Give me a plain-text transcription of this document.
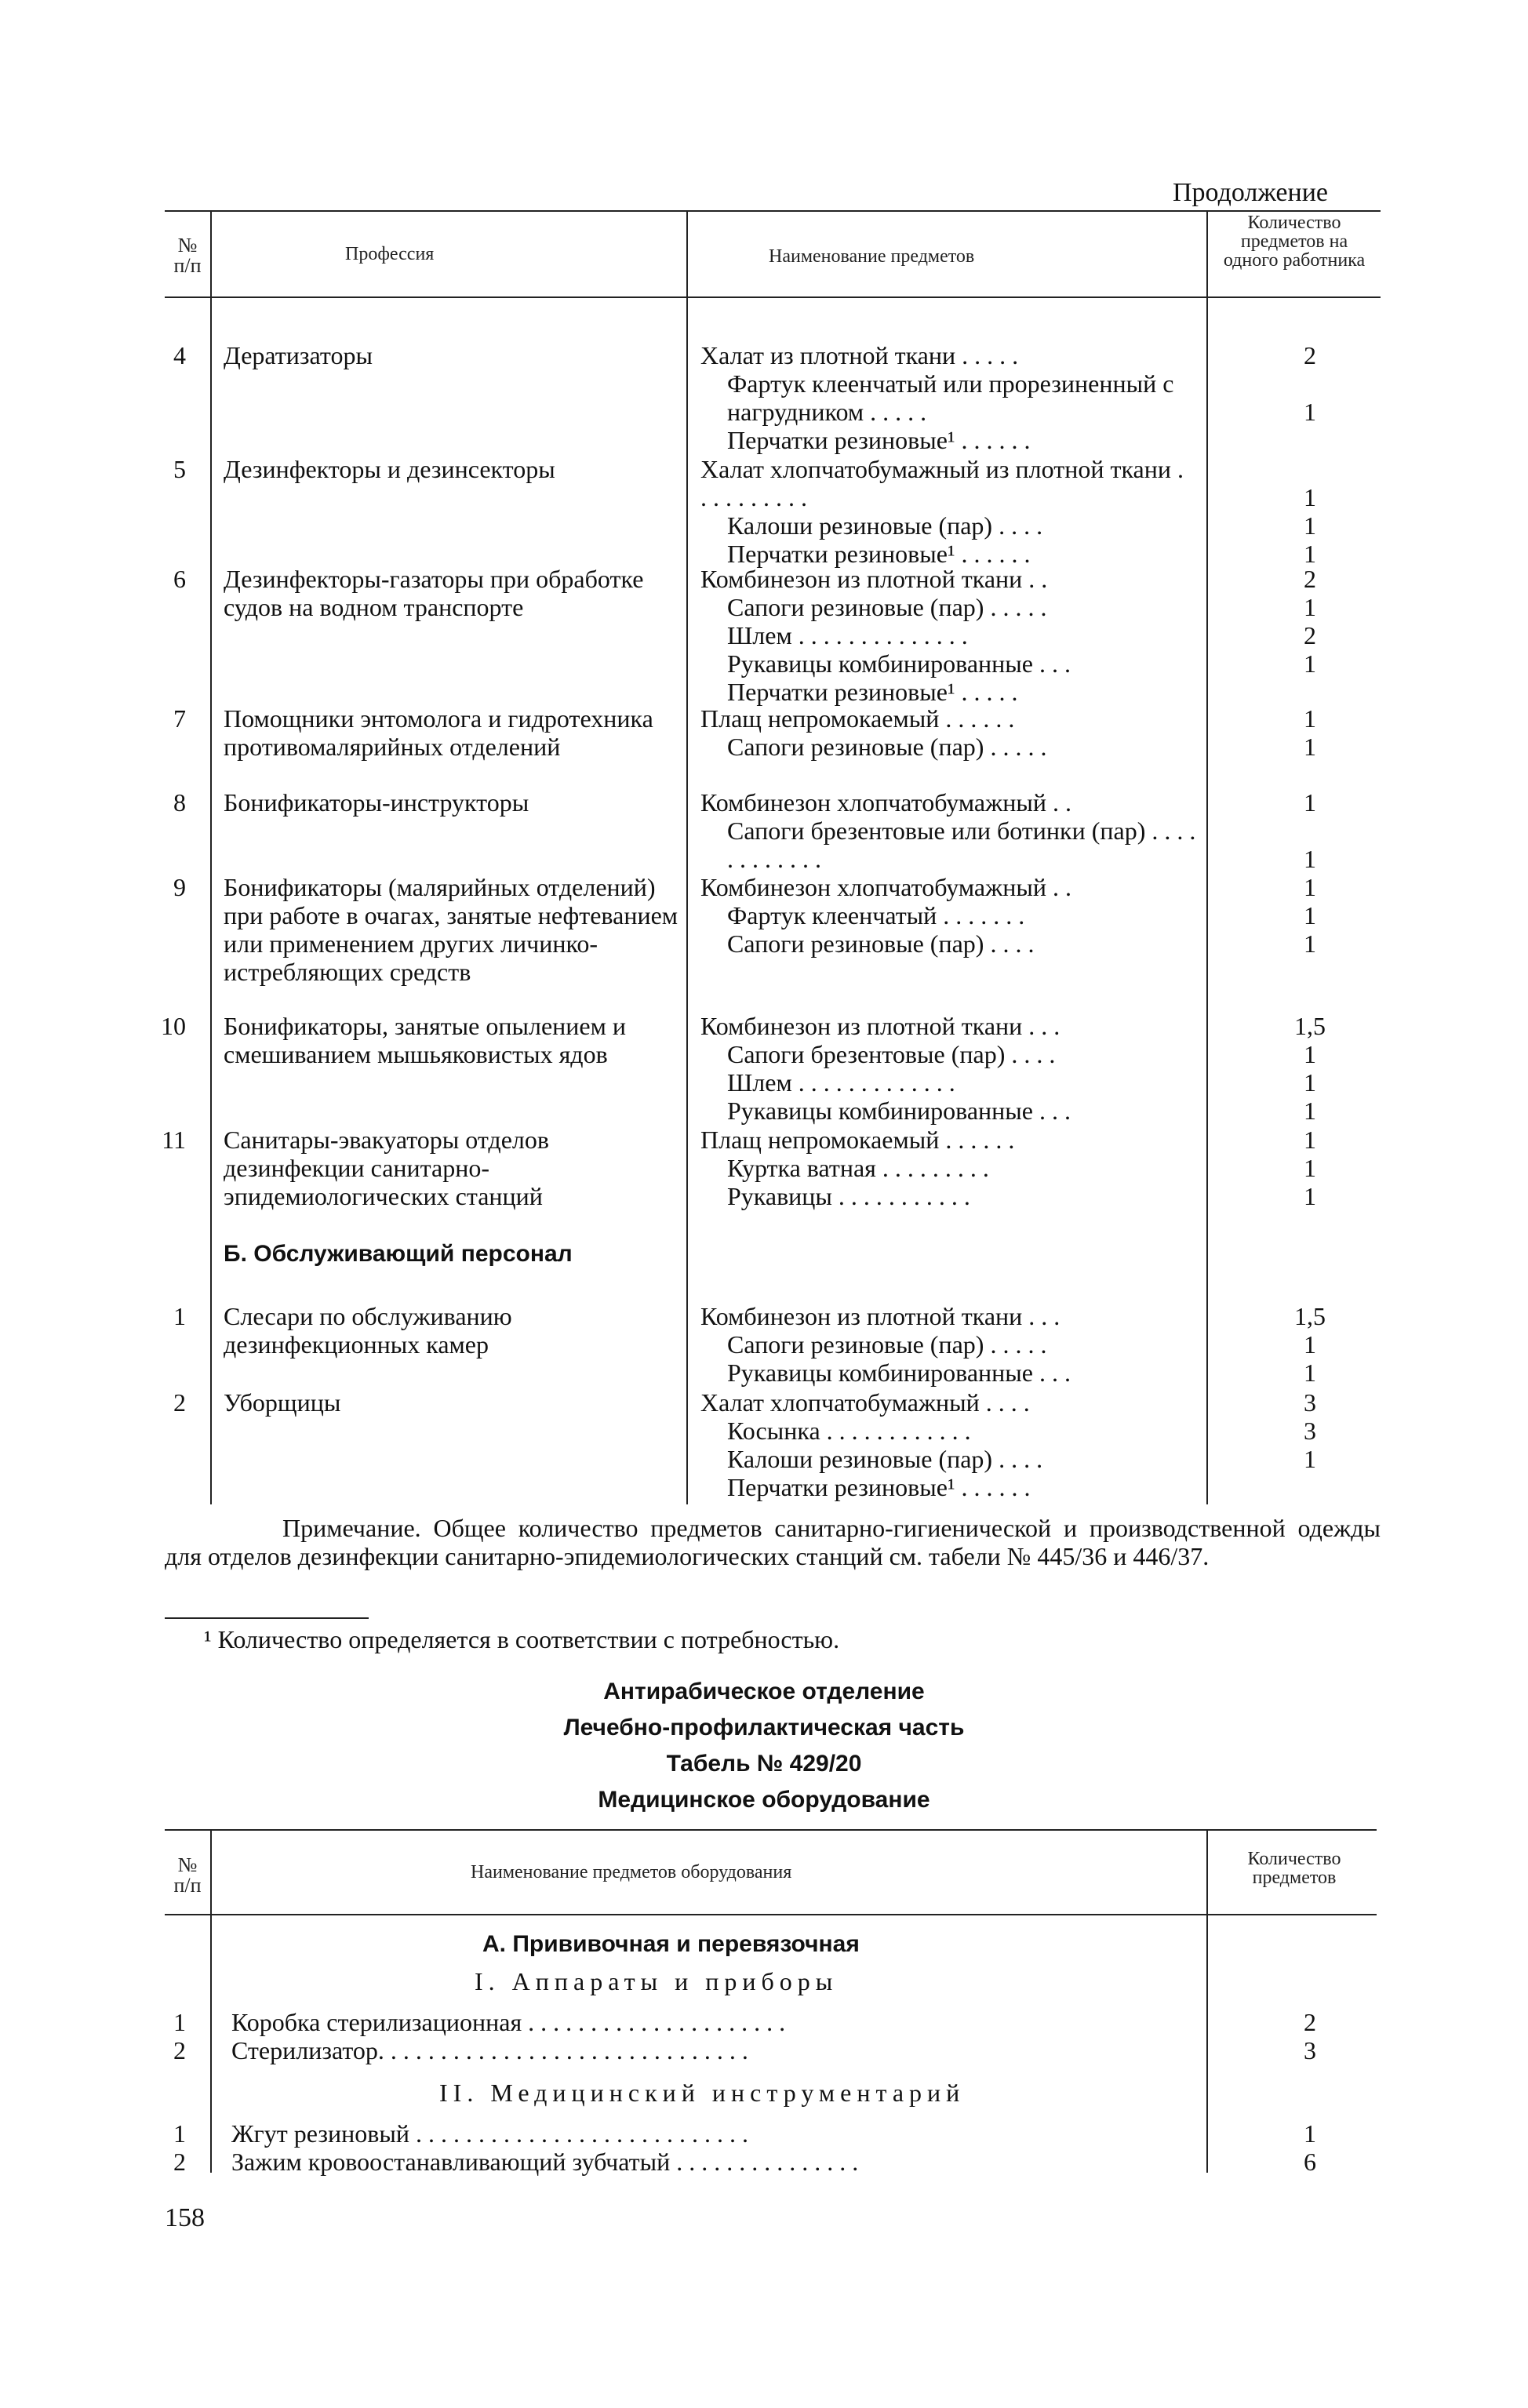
Продолжение
№ п/п	Профессия	Наименование предметов
Количество предметов на одного работника
4 Дератизаторы	Халат из плотной ткани . . . . .	2
Фартук клеенчатый или прорезиненный с нагрудником . . . . .	1
Перчатки резиновые¹ . . . . . .
5 Дезинфекторы и дезинсекторы	Халат хлопчатобумажный из плотной ткани . . . . . . . . . .	1
Калоши резиновые (пар) . . . .	1
Перчатки резиновые¹ . . . . . .	1
6 Дезинфекторы-газаторы при обработке судов на водном транспорте
Комбинезон из плотной ткани . .	2
Сапоги резиновые (пар) . . . . .	1
Шлем . . . . . . . . . . . . . .	2
Рукавицы комбинированные . . .	1
Перчатки резиновые¹ . . . . .
7 Помощники энтомолога и гидротехника противомалярийных отделений
Плащ непромокаемый . . . . . .	1
Сапоги резиновые (пар) . . . . .	1
8 Бонификаторы-инструкторы	Комбинезон хлопчатобумажный . .	1
Сапоги брезентовые или ботинки (пар) . . . . . . . . . . . .	1
9 Бонификаторы (малярийных отделений) при работе в очагах, занятые нефтеванием или применением других личинко-истребляющих средств
Комбинезон хлопчатобумажный . .	1
Фартук клеенчатый . . . . . . .	1
Сапоги резиновые (пар) . . . .	1
10 Бонификаторы, занятые опылением и смешиванием мышьяковистых ядов
Комбинезон из плотной ткани . . .	1,5
Сапоги брезентовые (пар) . . . .	1
Шлем . . . . . . . . . . . . .	1
Рукавицы комбинированные . . .	1
11 Санитары-эвакуаторы отделов дезинфекции санитарно-эпидемиологических станций
Плащ непромокаемый . . . . . .	1
Куртка ватная . . . . . . . . .	1
Рукавицы . . . . . . . . . . .	1
Б. Обслуживающий персонал
1 Слесари по обслуживанию дезинфекционных камер
Комбинезон из плотной ткани . . .	1,5
Сапоги резиновые (пар) . . . . .	1
Рукавицы комбинированные . . .	1
2 Уборщицы	Халат хлопчатобумажный . . . .	3
Косынка . . . . . . . . . . . .	3
Калоши резиновые (пар) . . . .	1
Перчатки резиновые¹ . . . . . .
Примечание. Общее количество предметов санитарно-гигиенической и производственной одежды для отделов дезинфекции санитарно-эпидемиологических станций см. табели № 445/36 и 446/37.
¹ Количество определяется в соответствии с потребностью.
Антирабическое отделение
Лечебно-профилактическая часть
Табель № 429/20
Медицинское оборудование
№ п/п
Наименование предметов оборудования
Количество предметов
А. Прививочная и перевязочная
I. Аппараты и приборы
1 Коробка стерилизационная . . . . . . . . . . . . . . . . . . . . .	2
2 Стерилизатор. . . . . . . . . . . . . . . . . . . . . . . . . . . . . .	3
II. Медицинский инструментарий
1 Жгут резиновый . . . . . . . . . . . . . . . . . . . . . . . . . . .	1
2 Зажим кровоостанавливающий зубчатый . . . . . . . . . . . . . . .	6
158
